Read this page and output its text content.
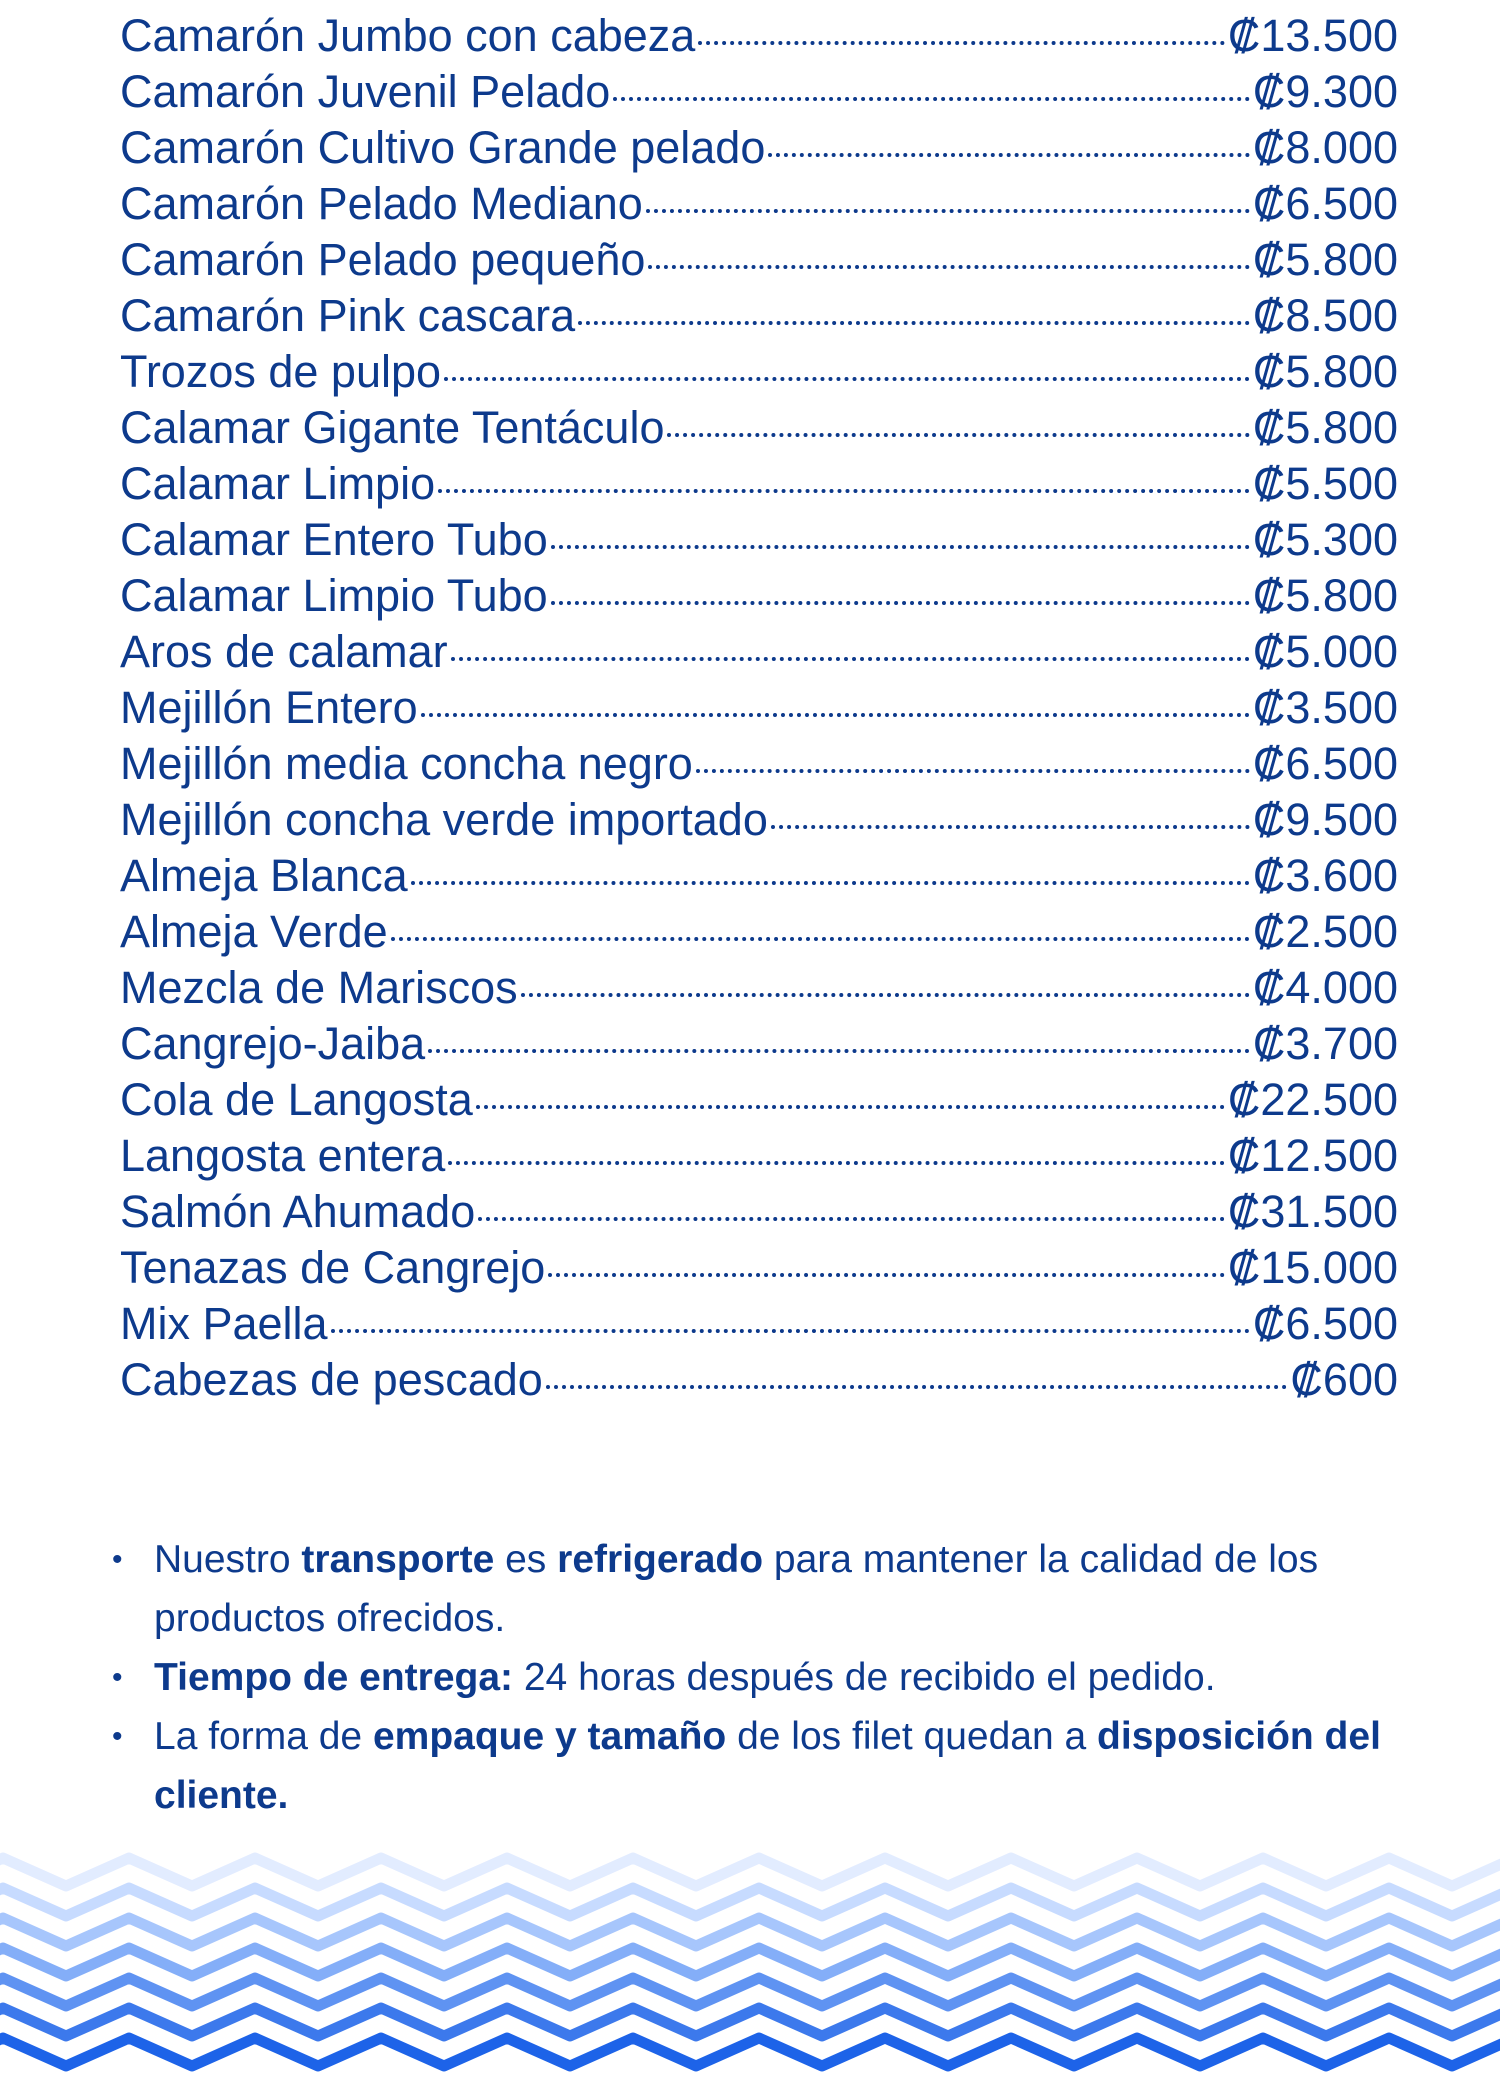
Camarón Jumbo con cabeza	₡13.500
Camarón Juvenil Pelado	₡9.300
Camarón Cultivo Grande pelado	₡8.000
Camarón Pelado Mediano	₡6.500
Camarón Pelado pequeño	₡5.800
Camarón Pink cascara	₡8.500
Trozos de pulpo	₡5.800
Calamar Gigante Tentáculo	₡5.800
Calamar Limpio	₡5.500
Calamar Entero Tubo	₡5.300
Calamar Limpio Tubo	₡5.800
Aros de calamar	₡5.000
Mejillón Entero	₡3.500
Mejillón media concha negro	₡6.500
Mejillón concha verde importado	₡9.500
Almeja Blanca	₡3.600
Almeja Verde	₡2.500
Mezcla de Mariscos	₡4.000
Cangrejo-Jaiba	₡3.700
Cola de Langosta	₡22.500
Langosta entera	₡12.500
Salmón Ahumado	₡31.500
Tenazas de Cangrejo	₡15.000
Mix Paella	₡6.500
Cabezas de pescado	₡600
• Nuestro transporte es refrigerado para mantener la calidad de los productos ofrecidos.
• Tiempo de entrega: 24 horas después de recibido el pedido.
• La forma de empaque y tamaño de los filet quedan a disposición del cliente.
